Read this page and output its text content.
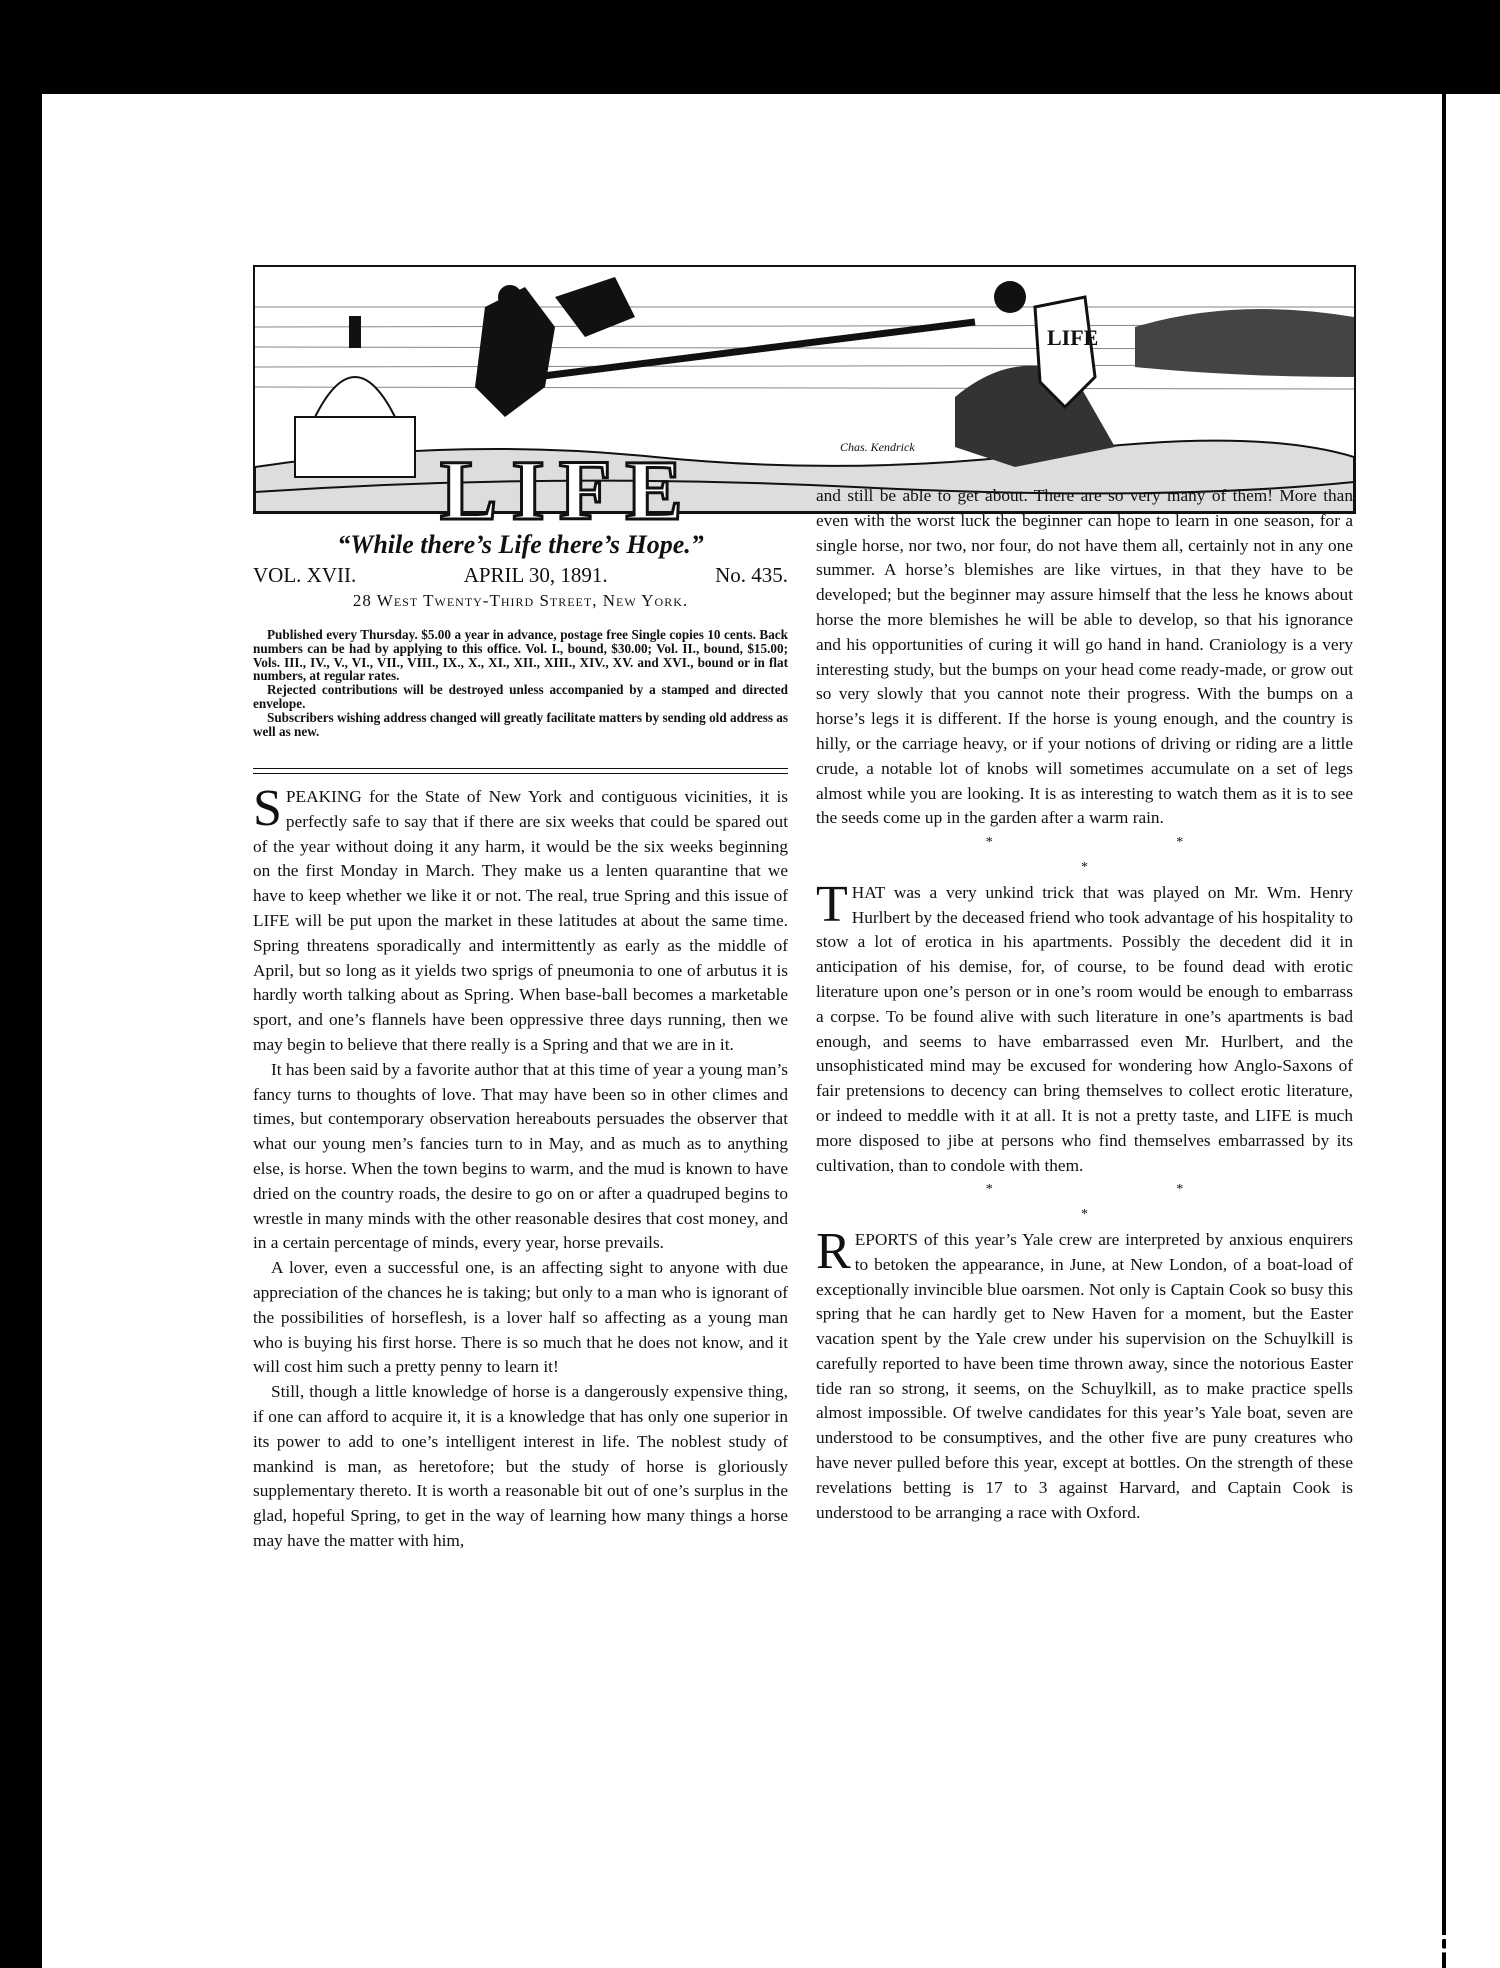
LIFE
LIFE	Chas. Kendrick
“While there’s Life there’s Hope.”
VOL. XVII.	APRIL 30, 1891.	No. 435.
28 West Twenty-Third Street, New York.

Published every Thursday. $5.00 a year in advance, postage free Single copies 10 cents. Back numbers can be had by applying to this office. Vol. I., bound, $30.00; Vol. II., bound, $15.00; Vols. III., IV., V., VI., VII., VIII., IX., X., XI., XII., XIII., XIV., XV. and XVI., bound or in flat numbers, at regular rates.

Rejected contributions will be destroyed unless accompanied by a stamped and directed envelope.

Subscribers wishing address changed will greatly facilitate matters by sending old address as well as new.

SPEAKING for the State of New York and contiguous vicinities, it is perfectly safe to say that if there are six weeks that could be spared out of the year without doing it any harm, it would be the six weeks beginning on the first Monday in March. They make us a lenten quarantine that we have to keep whether we like it or not. The real, true Spring and this issue of LIFE will be put upon the market in these latitudes at about the same time. Spring threatens sporadically and intermittently as early as the middle of April, but so long as it yields two sprigs of pneumonia to one of arbutus it is hardly worth talking about as Spring. When base-ball becomes a marketable sport, and one’s flannels have been oppressive three days running, then we may begin to believe that there really is a Spring and that we are in it.

It has been said by a favorite author that at this time of year a young man’s fancy turns to thoughts of love. That may have been so in other climes and times, but contemporary observation hereabouts persuades the observer that what our young men’s fancies turn to in May, and as much as to anything else, is horse. When the town begins to warm, and the mud is known to have dried on the country roads, the desire to go on or after a quadruped begins to wrestle in many minds with the other reasonable desires that cost money, and in a certain percentage of minds, every year, horse prevails.

A lover, even a successful one, is an affecting sight to anyone with due appreciation of the chances he is taking; but only to a man who is ignorant of the possibilities of horseflesh, is a lover half so affecting as a young man who is buying his first horse. There is so much that he does not know, and it will cost him such a pretty penny to learn it!

Still, though a little knowledge of horse is a dangerously expensive thing, if one can afford to acquire it, it is a knowledge that has only one superior in its power to add to one’s intelligent interest in life. The noblest study of mankind is man, as heretofore; but the study of horse is gloriously supplementary thereto. It is worth a reasonable bit out of one’s surplus in the glad, hopeful Spring, to get in the way of learning how many things a horse may have the matter with him,

and still be able to get about. There are so very many of them! More than even with the worst luck the beginner can hope to learn in one season, for a single horse, nor two, nor four, do not have them all, certainly not in any one summer. A horse’s blemishes are like virtues, in that they have to be developed; but the beginner may assure himself that the less he knows about horse the more blemishes he will be able to develop, so that his ignorance and his opportunities of curing it will go hand in hand. Craniology is a very interesting study, but the bumps on your head come ready-made, or grow out so very slowly that you cannot note their progress. With the bumps on a horse’s legs it is different. If the horse is young enough, and the country is hilly, or the carriage heavy, or if your notions of driving or riding are a little crude, a notable lot of knobs will sometimes accumulate on a set of legs almost while you are looking. It is as interesting to watch them as it is to see the seeds come up in the garden after a warm rain.

* * *

THAT was a very unkind trick that was played on Mr. Wm. Henry Hurlbert by the deceased friend who took advantage of his hospitality to stow a lot of erotica in his apartments. Possibly the decedent did it in anticipation of his demise, for, of course, to be found dead with erotic literature upon one’s person or in one’s room would be enough to embarrass a corpse. To be found alive with such literature in one’s apartments is bad enough, and seems to have embarrassed even Mr. Hurlbert, and the unsophisticated mind may be excused for wondering how Anglo-Saxons of fair pretensions to decency can bring themselves to collect erotic literature, or indeed to meddle with it at all. It is not a pretty taste, and LIFE is much more disposed to jibe at persons who find themselves embarrassed by its cultivation, than to condole with them.

* * *

REPORTS of this year’s Yale crew are interpreted by anxious enquirers to betoken the appearance, in June, at New London, of a boat-load of exceptionally invincible blue oarsmen. Not only is Captain Cook so busy this spring that he can hardly get to New Haven for a moment, but the Easter vacation spent by the Yale crew under his supervision on the Schuylkill is carefully reported to have been time thrown away, since the notorious Easter tide ran so strong, it seems, on the Schuylkill, as to make practice spells almost impossible. Of twelve candidates for this year’s Yale boat, seven are understood to be consumptives, and the other five are puny creatures who have never pulled before this year, except at bottles. On the strength of these revelations betting is 17 to 3 against Harvard, and Captain Cook is understood to be arranging a race with Oxford.

comicbooks.com
